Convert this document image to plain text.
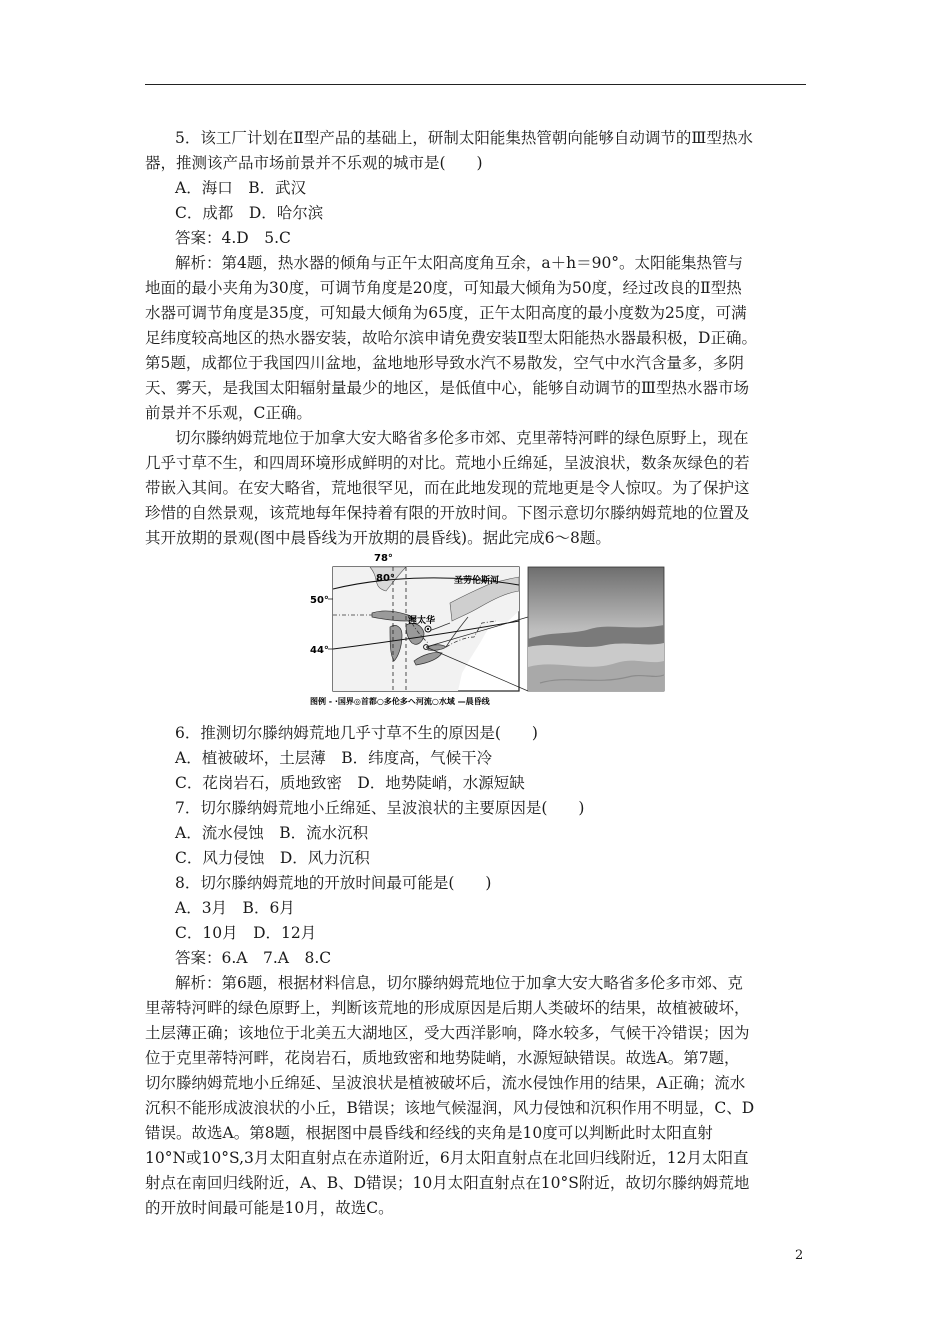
5．该工厂计划在Ⅱ型产品的基础上，研制太阳能集热管朝向能够自动调节的Ⅲ型热水
器，推测该产品市场前景并不乐观的城市是(　　)
A．海口　B．武汉
C．成都　D．哈尔滨
答案：4.D　5.C
解析：第4题，热水器的倾角与正午太阳高度角互余，a＋h＝90°。太阳能集热管与
地面的最小夹角为30度，可调节角度是20度，可知最大倾角为50度，经过改良的Ⅱ型热
水器可调节角度是35度，可知最大倾角为65度，正午太阳高度的最小度数为25度，可满
足纬度较高地区的热水器安装，故哈尔滨申请免费安装Ⅱ型太阳能热水器最积极，D正确。
第5题，成都位于我国四川盆地，盆地地形导致水汽不易散发，空气中水汽含量多，多阴
天、雾天，是我国太阳辐射量最少的地区，是低值中心，能够自动调节的Ⅲ型热水器市场
前景并不乐观，C正确。
切尔滕纳姆荒地位于加拿大安大略省多伦多市郊、克里蒂特河畔的绿色原野上，现在
几乎寸草不生，和四周环境形成鲜明的对比。荒地小丘绵延，呈波浪状，数条灰绿色的若
带嵌入其间。在安大略省，荒地很罕见，而在此地发现的荒地更是令人惊叹。为了保护这
珍惜的自然景观，该荒地每年保持着有限的开放时间。下图示意切尔滕纳姆荒地的位置及
其开放期的景观(图中晨昏线为开放期的晨昏线)。据此完成6～8题。
78°
80°
50°
44°
圣劳伦斯河
渥太华
图例 - ·国界◎首都○多伦多ヘ河流○水域 —晨昏线
6．推测切尔滕纳姆荒地几乎寸草不生的原因是(　　)
A．植被破坏，土层薄　B．纬度高，气候干冷
C．花岗岩石，质地致密　D．地势陡峭，水源短缺
7．切尔滕纳姆荒地小丘绵延、呈波浪状的主要原因是(　　)
A．流水侵蚀　B．流水沉积
C．风力侵蚀　D．风力沉积
8．切尔滕纳姆荒地的开放时间最可能是(　　)
A．3月　B．6月
C．10月　D．12月
答案：6.A　7.A　8.C
解析：第6题，根据材料信息，切尔滕纳姆荒地位于加拿大安大略省多伦多市郊、克
里蒂特河畔的绿色原野上，判断该荒地的形成原因是后期人类破坏的结果，故植被破坏，
土层薄正确；该地位于北美五大湖地区，受大西洋影响，降水较多，气候干冷错误；因为
位于克里蒂特河畔，花岗岩石，质地致密和地势陡峭，水源短缺错误。故选A。第7题，
切尔滕纳姆荒地小丘绵延、呈波浪状是植被破坏后，流水侵蚀作用的结果，A正确；流水
沉积不能形成波浪状的小丘，B错误；该地气候湿润，风力侵蚀和沉积作用不明显，C、D
错误。故选A。第8题，根据图中晨昏线和经线的夹角是10度可以判断此时太阳直射
10°N或10°S,3月太阳直射点在赤道附近，6月太阳直射点在北回归线附近，12月太阳直
射点在南回归线附近，A、B、D错误；10月太阳直射点在10°S附近，故切尔滕纳姆荒地
的开放时间最可能是10月，故选C。
2
